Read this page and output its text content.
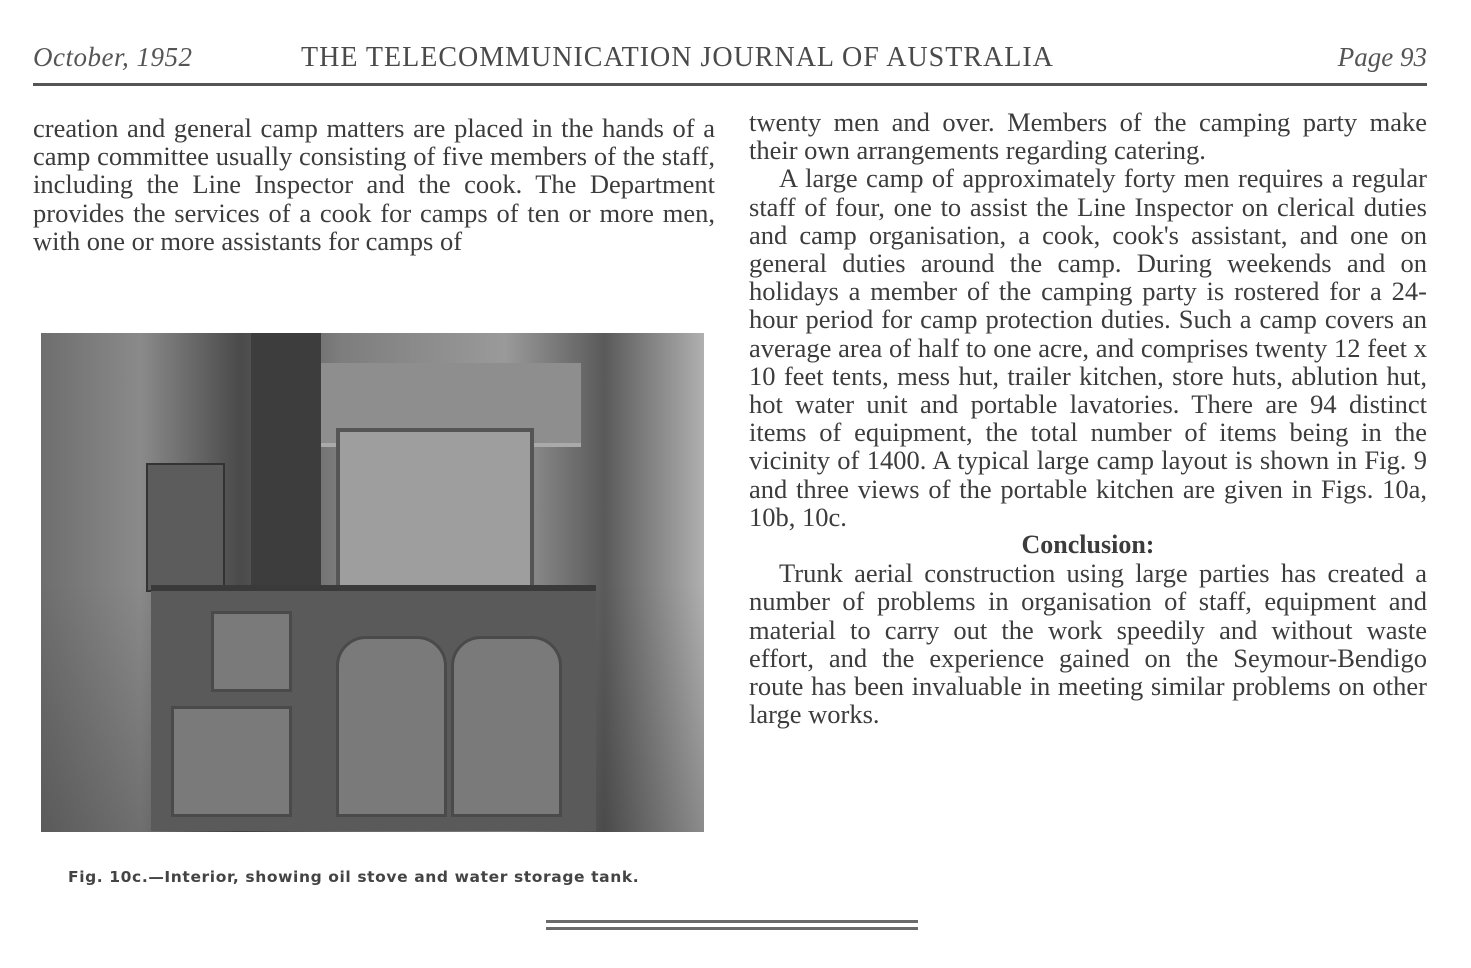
October, 1952	THE TELECOMMUNICATION JOURNAL OF AUSTRALIA	Page 93

creation and general camp matters are placed in the hands of a camp committee usually consisting of five members of the staff, including the Line Inspector and the cook. The Department provides the services of a cook for camps of ten or more men, with one or more assistants for camps of

Fig. 10c.—Interior, showing oil stove and water storage tank.

twenty men and over. Members of the camping party make their own arrangements regarding catering.

A large camp of approximately forty men requires a regular staff of four, one to assist the Line Inspector on clerical duties and camp organisation, a cook, cook's assistant, and one on general duties around the camp. During weekends and on holidays a member of the camping party is rostered for a 24-hour period for camp protection duties. Such a camp covers an average area of half to one acre, and comprises twenty 12 feet x 10 feet tents, mess hut, trailer kitchen, store huts, ablution hut, hot water unit and portable lavatories. There are 94 distinct items of equipment, the total number of items being in the vicinity of 1400. A typical large camp layout is shown in Fig. 9 and three views of the portable kitchen are given in Figs. 10a, 10b, 10c.

Conclusion:

Trunk aerial construction using large parties has created a number of problems in organisation of staff, equipment and material to carry out the work speedily and without waste effort, and the experience gained on the Seymour-Bendigo route has been invaluable in meeting similar problems on other large works.
